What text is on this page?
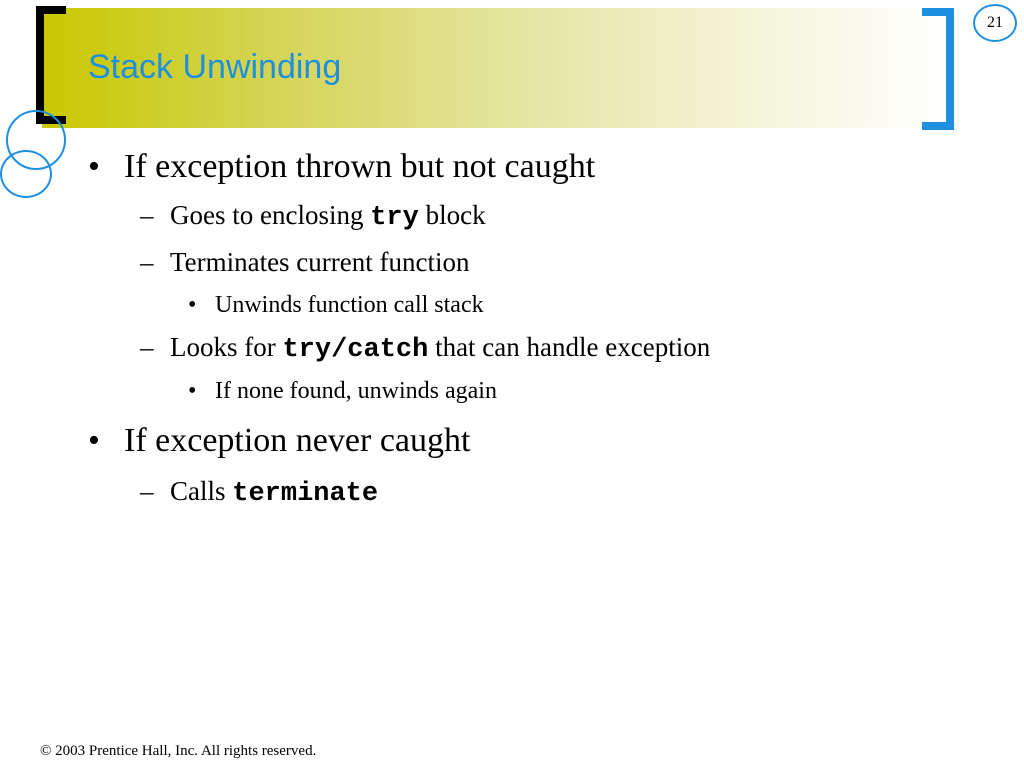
Stack Unwinding
21
• If exception thrown but not caught
– Goes to enclosing try block
– Terminates current function
• Unwinds function call stack
– Looks for try/catch that can handle exception
• If none found, unwinds again
• If exception never caught
– Calls terminate
© 2003 Prentice Hall, Inc. All rights reserved.
